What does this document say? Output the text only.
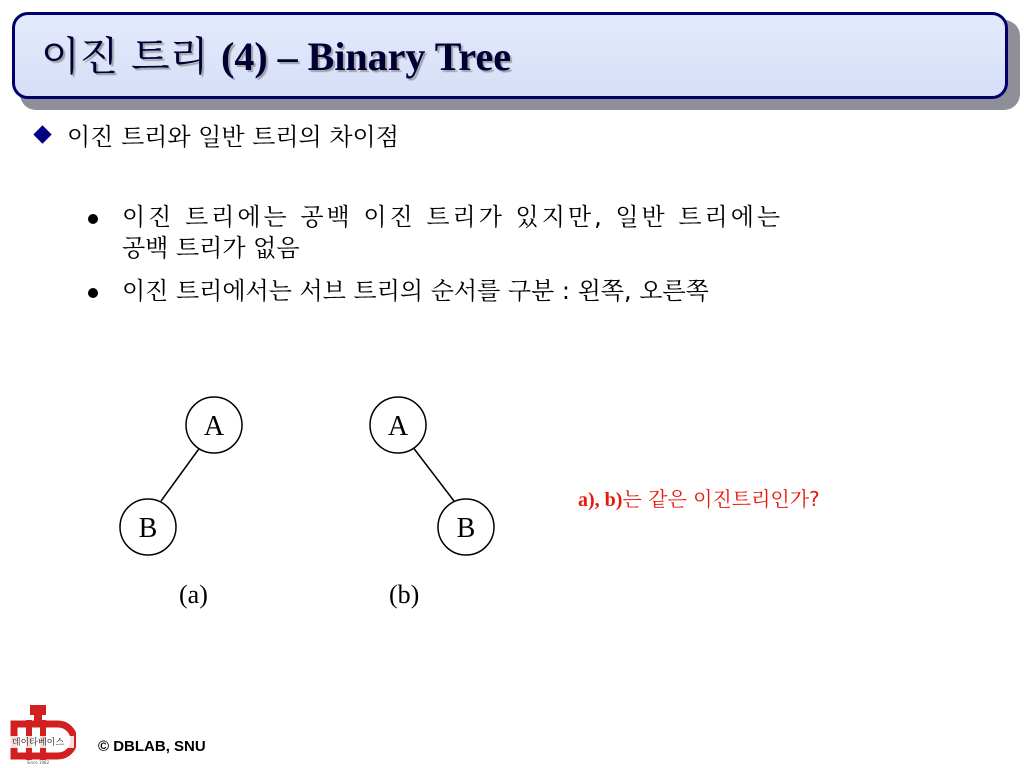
이진 트리 (4) – Binary Tree
이진 트리와 일반 트리의 차이점
이진 트리에는 공백 이진 트리가 있지만, 일반 트리에는
공백 트리가 없음
이진 트리에서는 서브 트리의 순서를 구분 : 왼쪽, 오른쪽
A
B
A
B
(a)	(b)
a), b)는 같은 이진트리인가?
데이타베이스
Since 1982
© DBLAB, SNU
